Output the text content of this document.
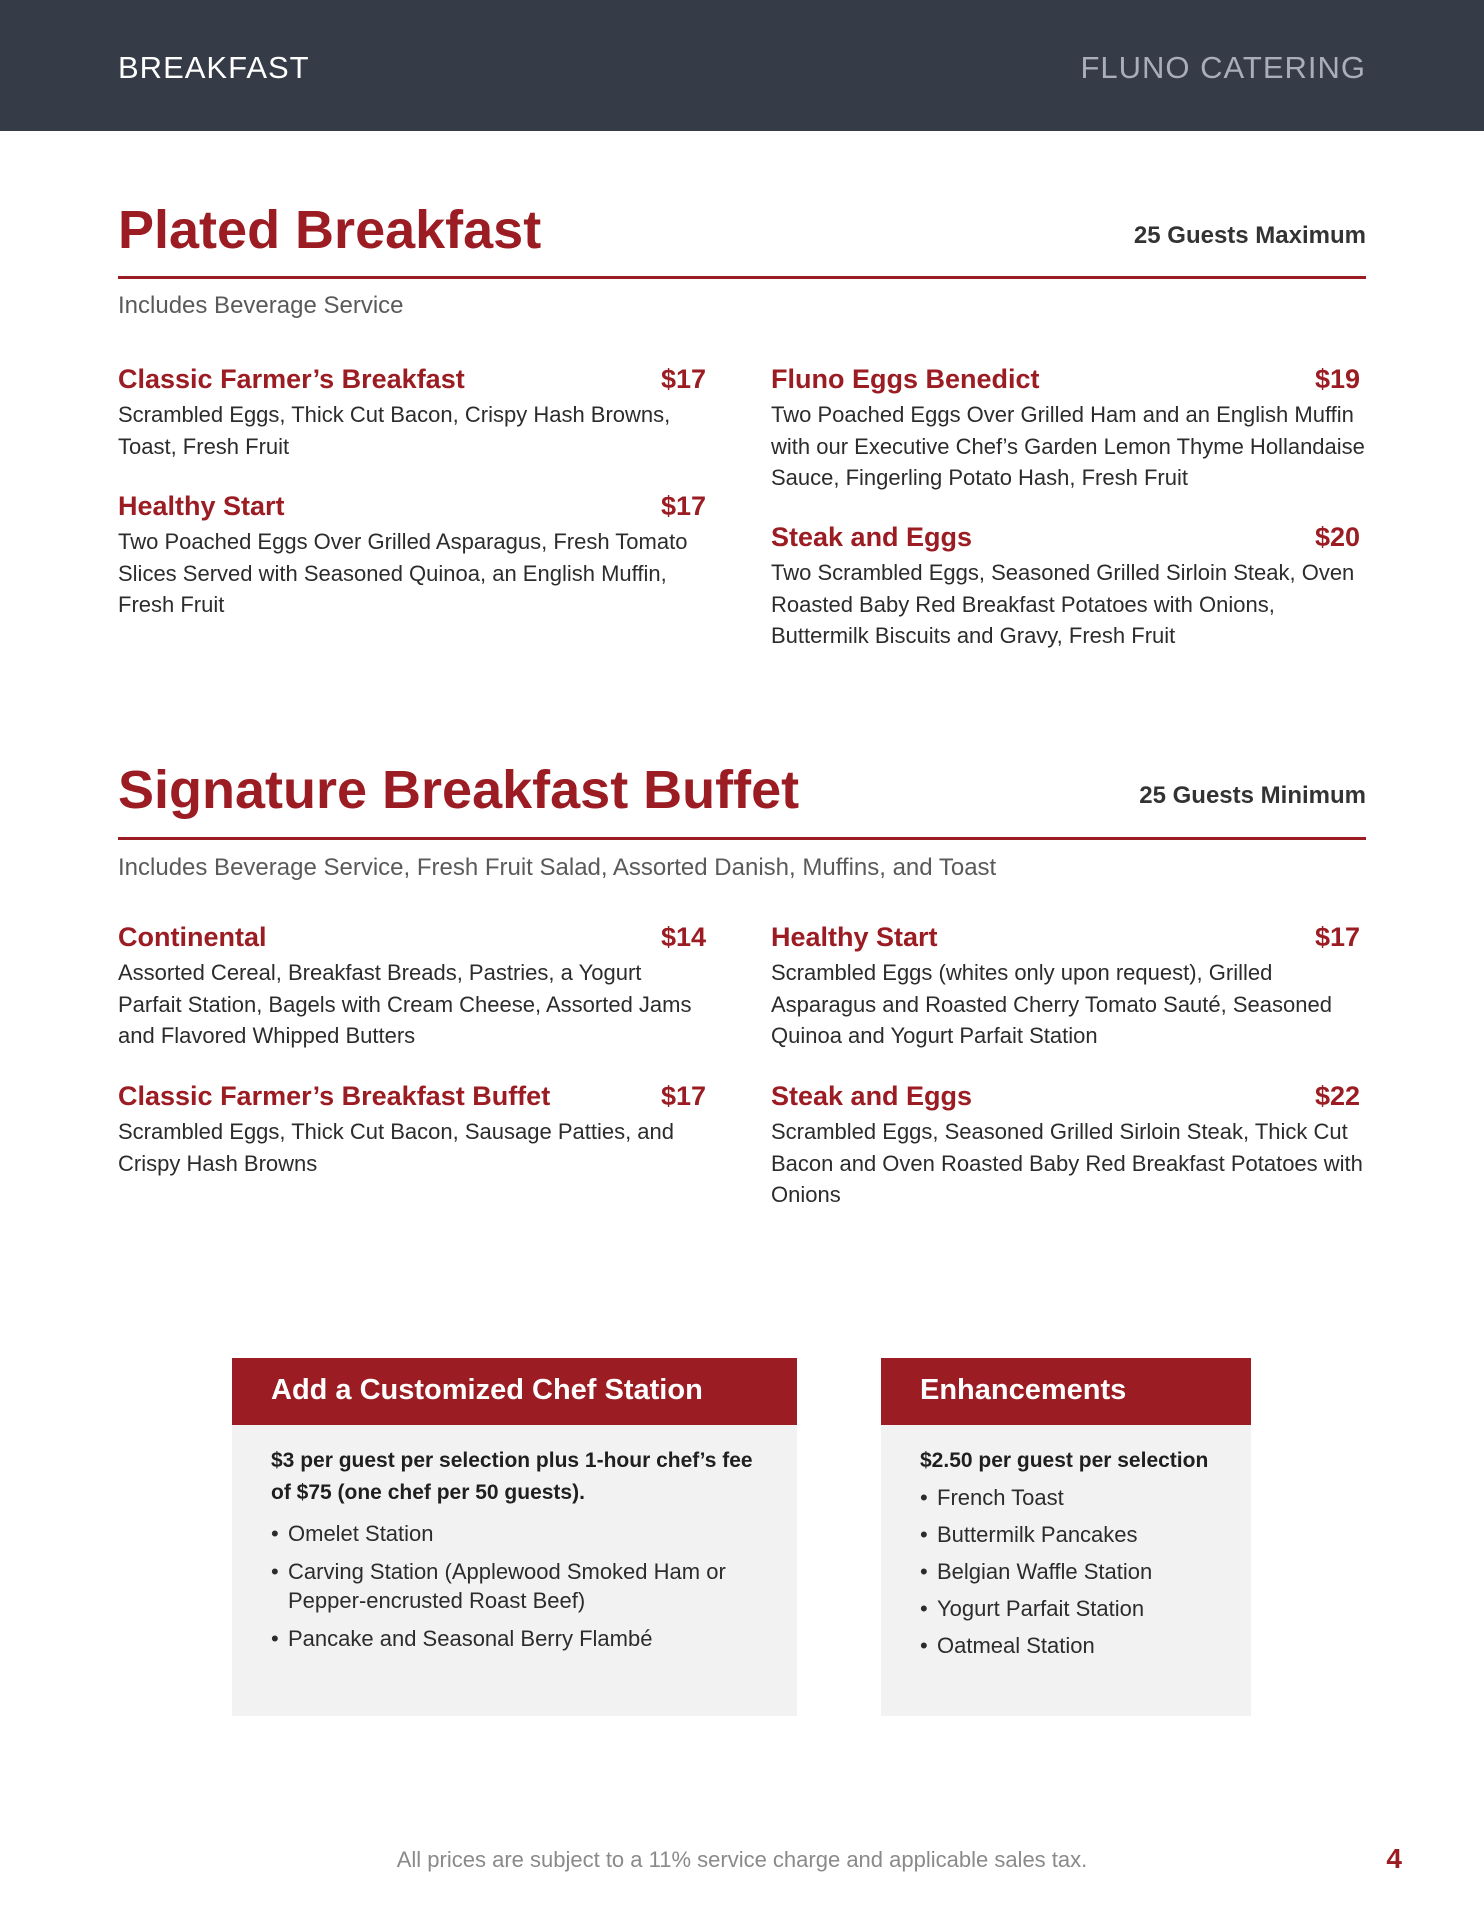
BREAKFAST	FLUNO CATERING
Plated Breakfast	25 Guests Maximum
Includes Beverage Service
Classic Farmer’s Breakfast	$17
Scrambled Eggs, Thick Cut Bacon, Crispy Hash Browns, Toast, Fresh Fruit
Healthy Start	$17
Two Poached Eggs Over Grilled Asparagus, Fresh Tomato Slices Served with Seasoned Quinoa, an English Muffin, Fresh Fruit
Fluno Eggs Benedict	$19
Two Poached Eggs Over Grilled Ham and an English Muffin with our Executive Chef’s Garden Lemon Thyme Hollandaise Sauce, Fingerling Potato Hash, Fresh Fruit
Steak and Eggs	$20
Two Scrambled Eggs, Seasoned Grilled Sirloin Steak, Oven Roasted Baby Red Breakfast Potatoes with Onions, Buttermilk Biscuits and Gravy, Fresh Fruit
Signature Breakfast Buffet	25 Guests Minimum
Includes Beverage Service, Fresh Fruit Salad, Assorted Danish, Muffins, and Toast
Continental	$14
Assorted Cereal, Breakfast Breads, Pastries, a Yogurt Parfait Station, Bagels with Cream Cheese, Assorted Jams and Flavored Whipped Butters
Classic Farmer’s Breakfast Buffet	$17
Scrambled Eggs, Thick Cut Bacon, Sausage Patties, and Crispy Hash Browns
Healthy Start	$17
Scrambled Eggs (whites only upon request), Grilled Asparagus and Roasted Cherry Tomato Sauté, Seasoned Quinoa and Yogurt Parfait Station
Steak and Eggs	$22
Scrambled Eggs, Seasoned Grilled Sirloin Steak, Thick Cut Bacon and Oven Roasted Baby Red Breakfast Potatoes with Onions
Add a Customized Chef Station
$3 per guest per selection plus 1-hour chef’s fee of $75 (one chef per 50 guests).
• Omelet Station
• Carving Station (Applewood Smoked Ham or Pepper-encrusted Roast Beef)
• Pancake and Seasonal Berry Flambé
Enhancements
$2.50 per guest per selection
• French Toast
• Buttermilk Pancakes
• Belgian Waffle Station
• Yogurt Parfait Station
• Oatmeal Station
All prices are subject to a 11% service charge and applicable sales tax.	4
